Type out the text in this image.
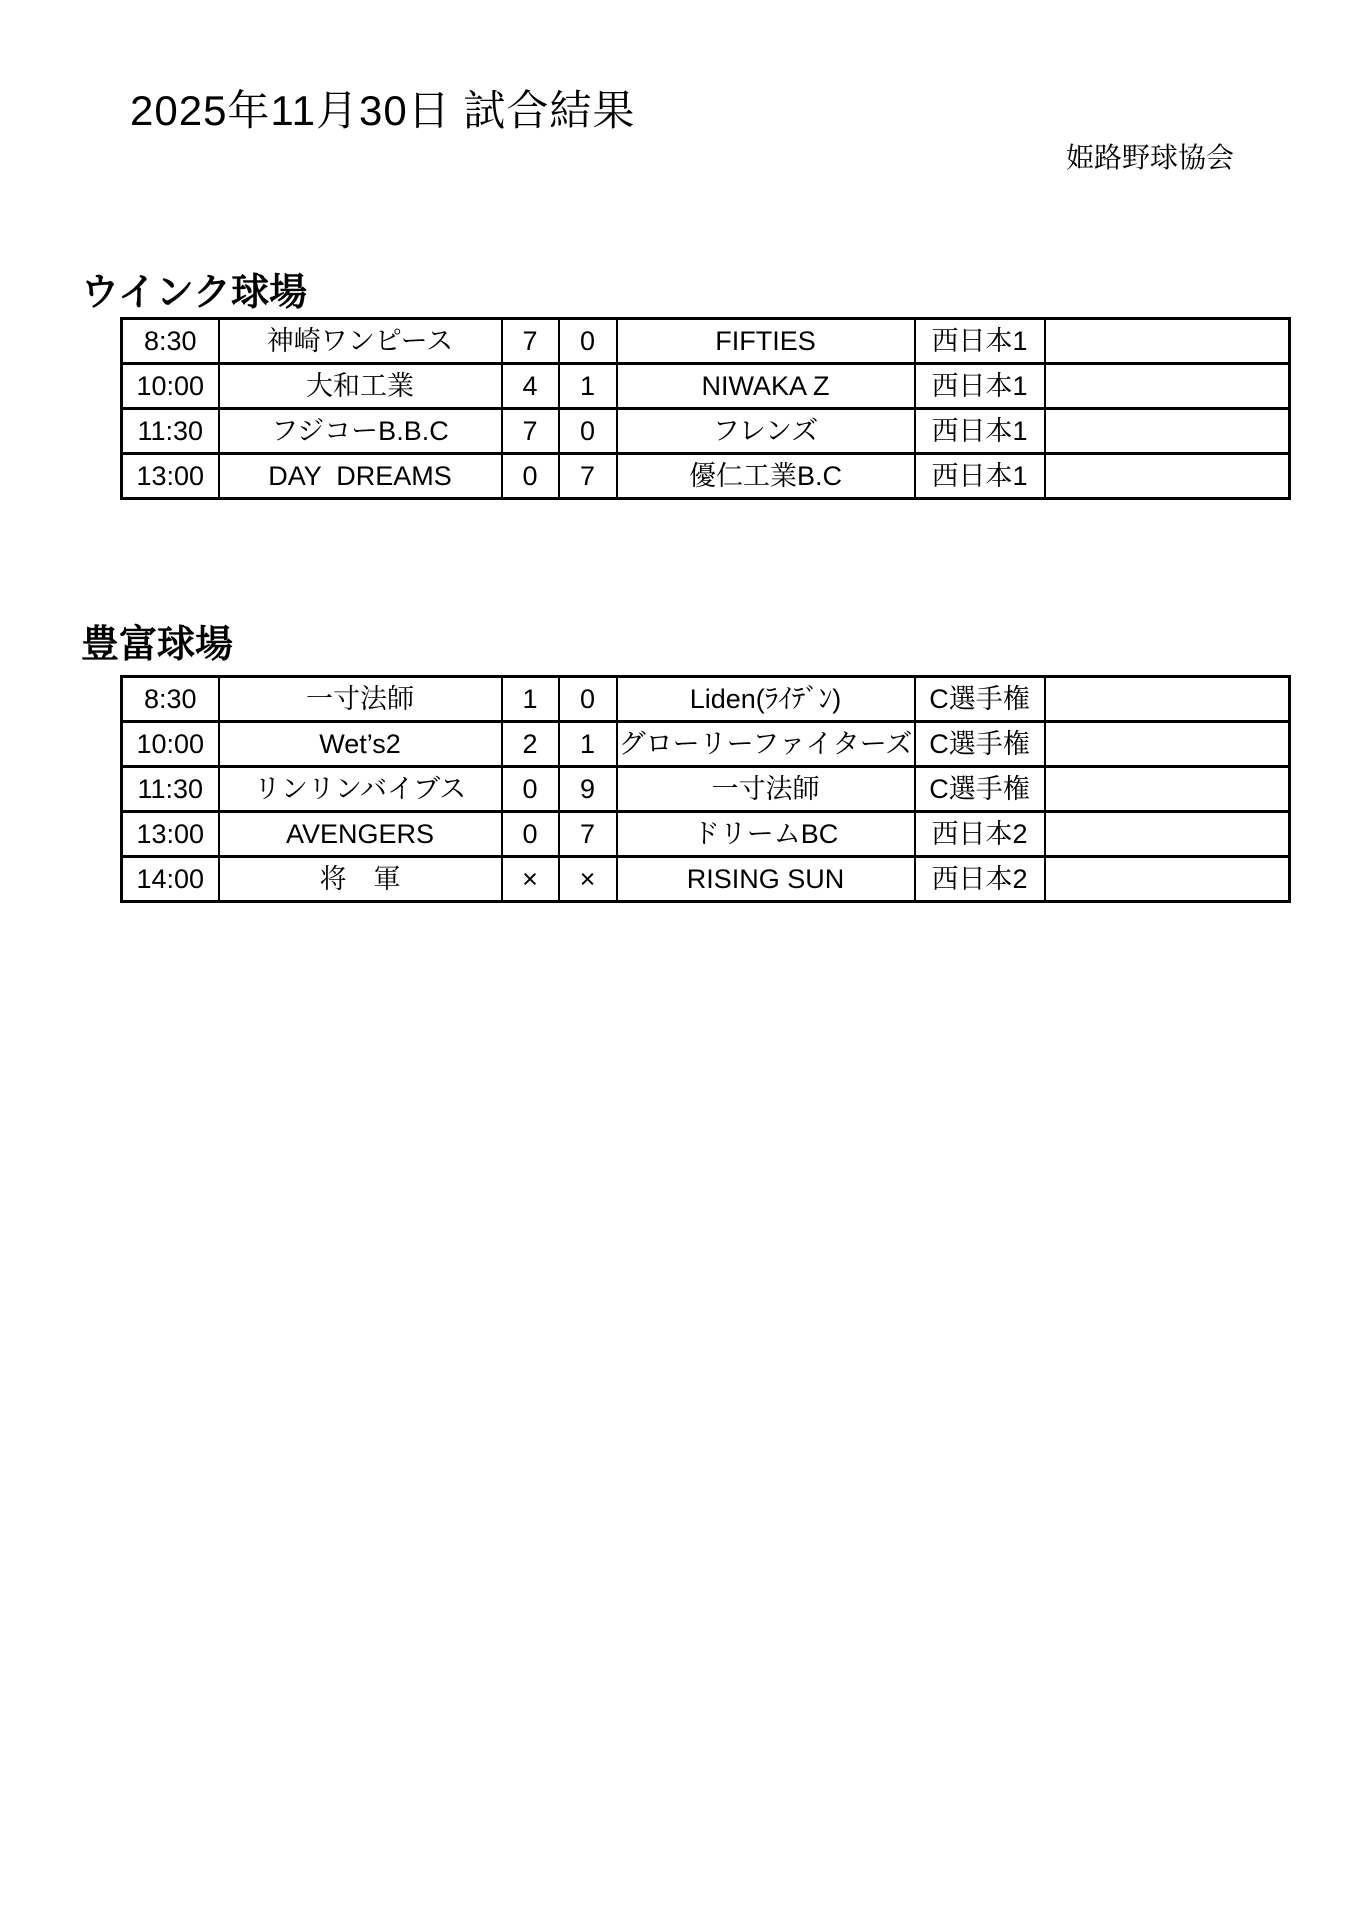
2025年11月30日 試合結果
姫路野球協会
ウインク球場
8:30	神崎ワンピース	7	0	FIFTIES	西日本1	
10:00	大和工業	4	1	NIWAKA Z	西日本1	
11:30	フジコーB.B.C	7	0	フレンズ	西日本1	
13:00	DAY  DREAMS	0	7	優仁工業B.C	西日本1	
豊富球場
8:30	一寸法師	1	0	Liden(ﾗｲﾃﾞﾝ)	C選手権	
10:00	Wet’s2	2	1	グローリーファイターズ	C選手権	
11:30	リンリンバイブス	0	9	一寸法師	C選手権	
13:00	AVENGERS	0	7	ドリームBC	西日本2	
14:00	将　軍	×	×	RISING SUN	西日本2	
